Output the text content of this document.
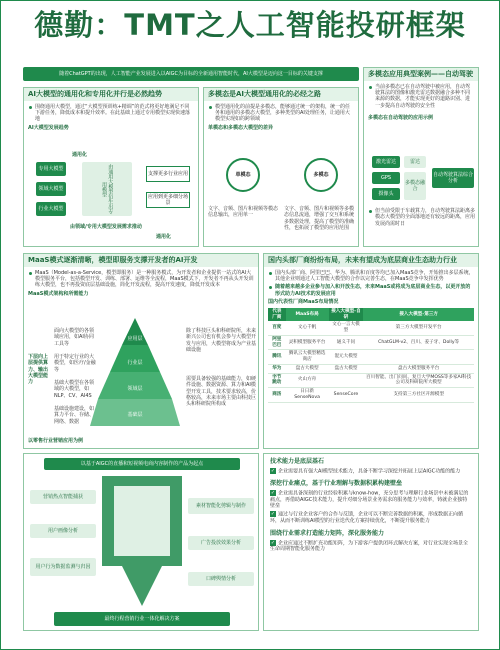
德勤：TMT之人工智能投研框架
随着ChatGPT的出现，人工智能产业发展进入以AIGC为目标的全新通用智能时代，AI大模型是迈向这一目标的关键支撑
AI大模型的通用化和专用化并行是必然趋势
围绕通用大模型，通过“大模型预训练+精调”的范式将更好地满足不同下游任务，降低成本和提升效率。在此基础上通过专用模型实现快速落地
AI大模型发展趋势
专用大模型
领域大模型
行业大模型	由通用大模型衍生出专用模型
支撑更多行业应用
应用到更多细分场景
通用化
由领域/专用大模型发展需求推动
通用化
多模态是AI大模型通用化的必经之路
模型通用化的前提是多模态，能够通过统一的架构，统一的任务和通用的多模态大模型，多种类型的AI处理任务，让通用大模型实现如的跨领域
单模态和多模态大模型的差异
单模态	多模态
文字、音频、图片和视频等模态信息输出，应用单一
文字、音频、图片和视频等多模态信息流通，增强了交互和系统多数据处理，提高了模型的准确性，也拓展了模型的应用范围
多模态应用典型案例——自动驾驶
当前多模态已在自动驾驶中被应用，自动驾驶算法的图像和激光雷达数据融合多种不同来源的数据，才能实现更好的道路识别、进一步提高自动驾驶的安全性
多模态在自动驾驶的应用示例
激光雷达
GPS
摄像头
雷达
多模态融合
自动驾驶算法综合分析
但当前受限于车载算力，自动驾驶算法距离多模态大模型的全面落地还有较远的距离，应用发展尚需时日
MaaS模式逐渐清晰，模型即服务支撑开发者的AI开发
MaaS（Model-as-a-Service，模型即服务）是一种服务模式，为开发者和企业提供一站式的AI大模型服务平台，包括模型开发、训练、部署、运维等全流程，MaaS模式下，开发者不再从头开发训练大模型，也不再投资底层基础设施，简化开发流程，提高开发速度，降低开发成本
MaaS模式架构和所需能力
应用层
行业层
领域层
基础层
面向大模型的各领域应用，如AI协同工具等
用于特定行业的大模型，如医疗/金融等
基础大模型在各领域的大模型，如NLP、CV、AI4S
基础设施建设，如算力平台、存储、网络、数据
下层向上层提供算力、输出大模型能力
除了科技巨头和科研院所，未来新兴公司也有机会参与大模型开发与应用，大模型将成为产业基础设施
需要具备较强的基础能力，如硬件设施、数据资源、算力和AI模型开发工具，技术要求较高，价格较高，未来市场主要由科技巨头和科研院所构成
以零售行业营销应用为例
国内头部厂商纷纷布局，未来有望成为底层商业生态助力行业
国内头部厂商、阿里巴巴、华为、腾讯和百度等均已加入MaaS竞争，开始推出多层系统，其他企业则通过人工智能大模型的合作以完善生态，在MaaS竞争中发挥优势
随着越来越多企业参与加入和开放生态，未来MaaS或将成为底层商业生态，以更开放的形式助力AI技术的发展应用
国内代表性厂商MaaS布局情况
代表厂商	MaaS布局	接入大模型-自研	接入大模型-第三方
百度	文心千帆	文心一言大模型	第三方大模型开发平台
阿里巴巴	灵积模型服务平台	通义千问	ChatGLM-v2、百川、姜子牙、Dolly等
腾讯	腾讯云大模型精选商店	混元大模型	
华为	盘古大模型	盘古大模型	盘古大模型服务平台
字节跳动	火山方舟		百川智能、出门问问、复旦大学MOSS等多家AI科技公司及科研院所大模型
商汤	日日新SenseNova	SenseCore	支持第三方社区开源模型
以基于AIGC的直播和短视频电商内容制作的产品为起点
营销热点智能捕获
用户画像分析
用户行为数据监测与归因
素材智能化剪辑与制作
广告投放效果分析
口碑舆情分析
最终行程营销行业一体化解决方案
技术能力是底层基石
✓ 企业需要具有强大AI模型技术能力，具备不断学习深挖并拓展上层AIGC功能的能力
深挖行业痛点，基于行业理解与数据积累构建壁垒
✓ 企业需具备深刻的行业经验积累与know-how，充分思考与理解行业场景中未被满足的痛点，再借助AIGC技术能力，提升对细分场景业务需求的服务能力与效率，铸就企业独特壁垒
✓ 通过与行业企业客户的合作与反馈，企业可以不断完善数据的积累，形成数据正向循环，从而不断训练AI模型的行业迭代化方案持续优化，不断提升服务能力
围绕行业需求打造能力矩阵，深化服务能力
✓ 企业应通过不断扩充功能矩阵，为下游客户提供闭环式解决方案，对行业实现全场景全生命周期智能化服务能力
